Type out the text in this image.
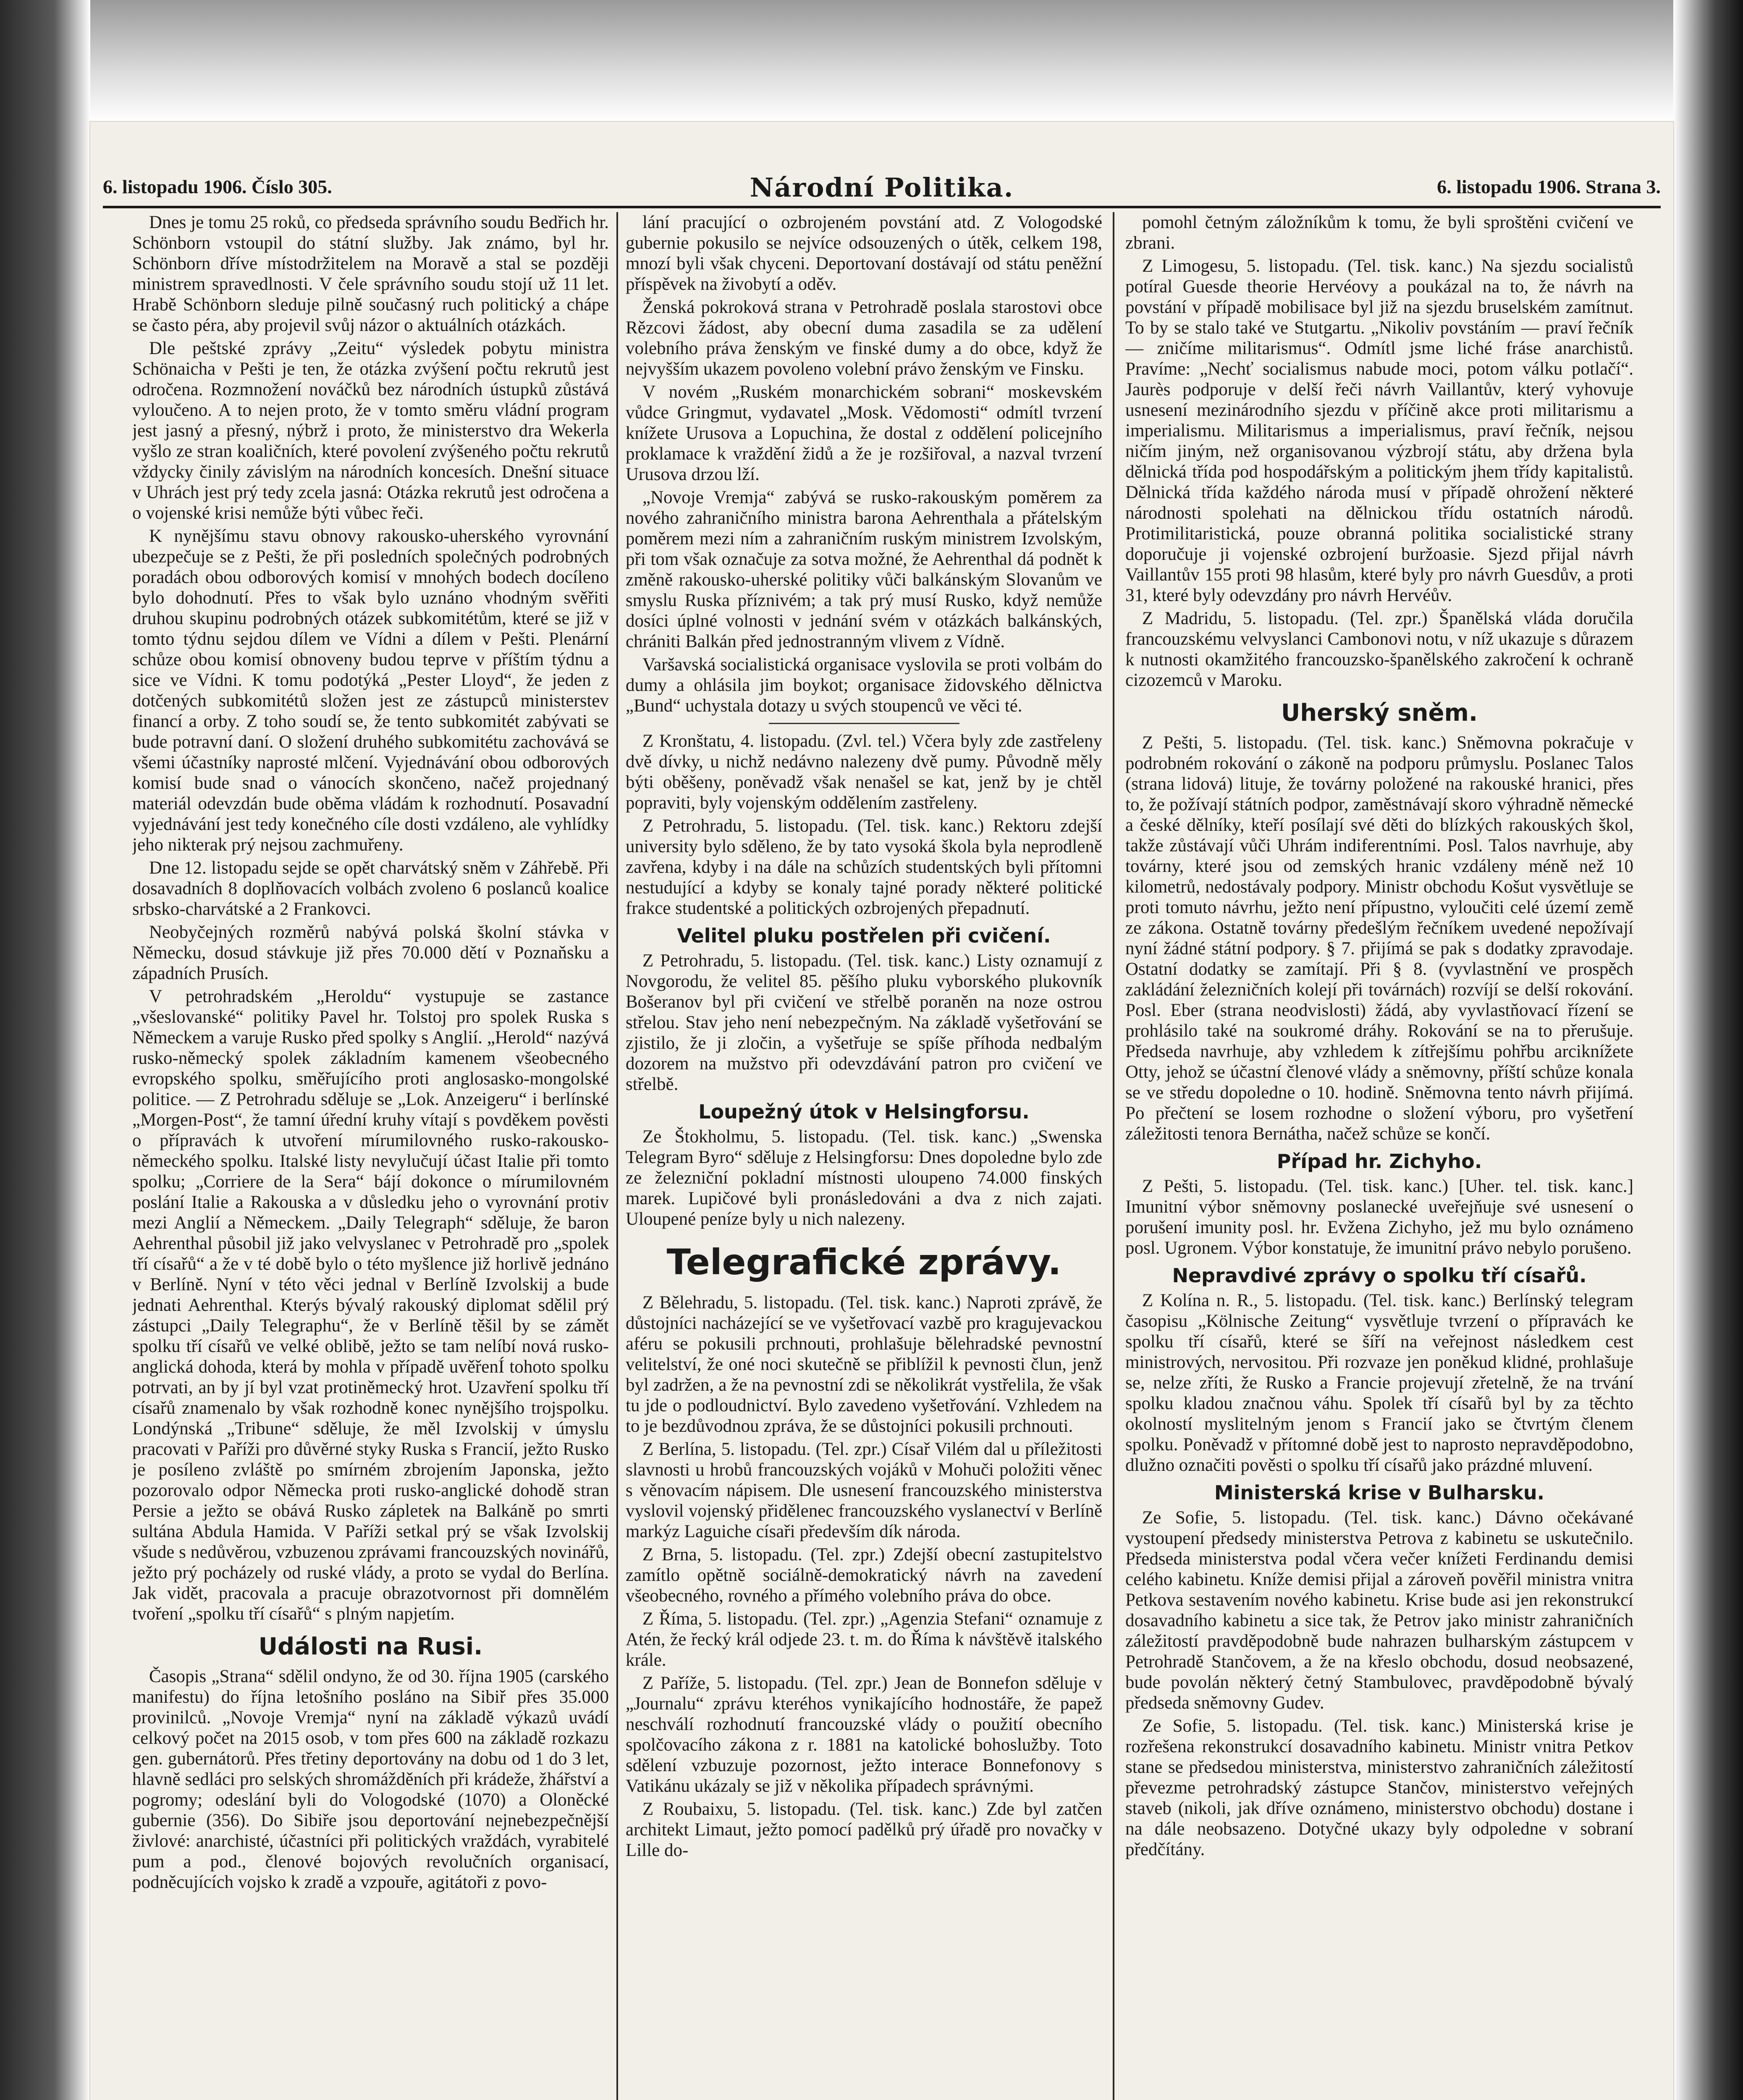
6. listopadu 1906. Číslo 305.	Národní Politika.	6. listopadu 1906. Strana 3.

Dnes je tomu 25 roků, co předseda správního soudu Bedřich hr. Schönborn vstoupil do státní služby. Jak známo, byl hr. Schönborn dříve místodržitelem na Moravě a stal se později ministrem spravedlnosti. V čele správního soudu stojí už 11 let. Hrabě Schönborn sleduje pilně současný ruch politický a chápe se často péra, aby projevil svůj názor o aktuálních otázkách.

Dle peštské zprávy „Zeitu“ výsledek pobytu ministra Schönaicha v Pešti je ten, že otázka zvýšení počtu rekrutů jest odročena. Rozmnožení nováčků bez národních ústupků zůstává vyloučeno. A to nejen proto, že v tomto směru vládní program jest jasný a přesný, nýbrž i proto, že ministerstvo dra Wekerla vyšlo ze stran koaličních, které povolení zvýšeného počtu rekrutů vždycky činily závislým na národních koncesích. Dnešní situace v Uhrách jest prý tedy zcela jasná: Otázka rekrutů jest odročena a o vojenské krisi nemůže býti vůbec řeči.

K nynějšímu stavu obnovy rakousko-uherského vyrovnání ubezpečuje se z Pešti, že při posledních společných podrobných poradách obou odborových komisí v mnohých bodech docíleno bylo dohodnutí. Přes to však bylo uznáno vhodným svěřiti druhou skupinu podrobných otázek subkomitétům, které se již v tomto týdnu sejdou dílem ve Vídni a dílem v Pešti. Plenární schůze obou komisí obnoveny budou teprve v příštím týdnu a sice ve Vídni. K tomu podotýká „Pester Lloyd“, že jeden z dotčených subkomitétů složen jest ze zástupců ministerstev financí a orby. Z toho soudí se, že tento subkomitét zabývati se bude potravní daní. O složení druhého subkomitétu zachovává se všemi účastníky naprosté mlčení. Vyjednávání obou odborových komisí bude snad o vánocích skončeno, načež projednaný materiál odevzdán bude oběma vládám k rozhodnutí. Posavadní vyjednávání jest tedy konečného cíle dosti vzdáleno, ale vyhlídky jeho nikterak prý nejsou zachmuřeny.

Dne 12. listopadu sejde se opět charvátský sněm v Záhřebě. Při dosavadních 8 doplňovacích volbách zvoleno 6 poslanců koalice srbsko-charvátské a 2 Frankovci.

Neobyčejných rozměrů nabývá polská školní stávka v Německu, dosud stávkuje již přes 70.000 dětí v Poznaňsku a západních Prusích.

V petrohradském „Heroldu“ vystupuje se zastance „všeslovanské“ politiky Pavel hr. Tolstoj pro spolek Ruska s Německem a varuje Rusko před spolky s Anglií. „Herold“ nazývá rusko-německý spolek základním kamenem všeobecného evropského spolku, směřujícího proti anglosasko-mongolské politice. — Z Petrohradu sděluje se „Lok. Anzeigeru“ i berlínské „Morgen-Post“, že tamní úřední kruhy vítají s povděkem pověsti o přípravách k utvoření mírumilovného rusko-rakousko-německého spolku. Italské listy nevylučují účast Italie při tomto spolku; „Corriere de la Sera“ bájí dokonce o mírumilovném poslání Italie a Rakouska a v důsledku jeho o vyrovnání protiv mezi Anglií a Německem. „Daily Telegraph“ sděluje, že baron Aehrenthal působil již jako velvyslanec v Petrohradě pro „spolek tří císařů“ a že v té době bylo o této myšlence již horlivě jednáno v Berlíně. Nyní v této věci jednal v Berlíně Izvolskij a bude jednati Aehrenthal. Kterýs bývalý rakouský diplomat sdělil prý zástupci „Daily Telegraphu“, že v Berlíně těšil by se zámět spolku tří císařů ve velké oblibě, ježto se tam nelíbí nová rusko-anglická dohoda, která by mohla v případě uvěřenÍ tohoto spolku potrvati, an by jí byl vzat protiněmecký hrot. Uzavření spolku tří císařů znamenalo by však rozhodně konec nynějšího trojspolku. Londýnská „Tribune“ sděluje, že měl Izvolskij v úmyslu pracovati v Paříži pro důvěrné styky Ruska s Francií, ježto Rusko je posíleno zvláště po smírném zbrojením Japonska, ježto pozorovalo odpor Německa proti rusko-anglické dohodě stran Persie a ježto se obává Rusko zápletek na Balkáně po smrti sultána Abdula Hamida. V Paříži setkal prý se však Izvolskij všude s nedůvěrou, vzbuzenou zprávami francouzských novinářů, ježto prý pocházely od ruské vlády, a proto se vydal do Berlína. Jak vidět, pracovala a pracuje obrazotvornost při domnělém tvoření „spolku tří císařů“ s plným napjetím.

Události na Rusi.

Časopis „Strana“ sdělil ondyno, že od 30. října 1905 (carského manifestu) do října letošního posláno na Sibiř přes 35.000 provinilců. „Novoje Vremja“ nyní na základě výkazů uvádí celkový počet na 2015 osob, v tom přes 600 na základě rozkazu gen. gubernátorů. Přes třetiny deportovány na dobu od 1 do 3 let, hlavně sedláci pro selských shromážděních při krádeže, žhářství a pogromy; odeslání byli do Vologodské (1070) a Oloněcké gubernie (356). Do Sibiře jsou deportování nejnebezpečnější živlové: anarchisté, účastníci při politických vraždách, vyrabitelé pum a pod., členové bojových revolučních organisací, podněcujících vojsko k zradě a vzpouře, agitátoři z povo-

lání pracující o ozbrojeném povstání atd. Z Vologodské gubernie pokusilo se nejvíce odsouzených o útěk, celkem 198, mnozí byli však chyceni. Deportovaní dostávají od státu peněžní příspěvek na živobytí a oděv.

Ženská pokroková strana v Petrohradě poslala starostovi obce Rězcovi žádost, aby obecní duma zasadila se za udělení volebního práva ženským ve finské dumy a do obce, když že nejvyšším ukazem povoleno volební právo ženským ve Finsku.

V novém „Ruském monarchickém sobrani“ moskevském vůdce Gringmut, vydavatel „Mosk. Vědomosti“ odmítl tvrzení knížete Urusova a Lopuchina, že dostal z oddělení policejního proklamace k vraždění židů a že je rozšiřoval, a nazval tvrzení Urusova drzou lží.

„Novoje Vremja“ zabývá se rusko-rakouským poměrem za nového zahraničního ministra barona Aehrenthala a přátelským poměrem mezi ním a zahraničním ruským ministrem Izvolským, při tom však označuje za sotva možné, že Aehrenthal dá podnět k změně rakousko-uherské politiky vůči balkánským Slovanům ve smyslu Ruska příznivém; a tak prý musí Rusko, když nemůže dosíci úplné volnosti v jednání svém v otázkách balkánských, chrániti Balkán před jednostranným vlivem z Vídně.

Varšavská socialistická organisace vyslovila se proti volbám do dumy a ohlásila jim boykot; organisace židovského dělnictva „Bund“ uchystala dotazy u svých stoupenců ve věci té.

Z Kronštatu, 4. listopadu. (Zvl. tel.) Včera byly zde zastřeleny dvě dívky, u nichž nedávno nalezeny dvě pumy. Původně měly býti oběšeny, poněvadž však nenašel se kat, jenž by je chtěl popraviti, byly vojenským oddělením zastřeleny.

Z Petrohradu, 5. listopadu. (Tel. tisk. kanc.) Rektoru zdejší university bylo sděleno, že by tato vysoká škola byla neprodleně zavřena, kdyby i na dále na schůzích studentských byli přítomni nestudující a kdyby se konaly tajné porady některé politické frakce studentské a politických ozbrojených přepadnutí.

Velitel pluku postřelen při cvičení.

Z Petrohradu, 5. listopadu. (Tel. tisk. kanc.) Listy oznamují z Novgorodu, že velitel 85. pěšího pluku vyborského plukovník Bošeranov byl při cvičení ve střelbě poraněn na noze ostrou střelou. Stav jeho není nebezpečným. Na základě vyšetřování se zjistilo, že ji zločin, a vyšetřuje se spíše příhoda nedbalým dozorem na mužstvo při odevzdávání patron pro cvičení ve střelbě.

Loupežný útok v Helsingforsu.

Ze Štokholmu, 5. listopadu. (Tel. tisk. kanc.) „Swenska Telegram Byro“ sděluje z Helsingforsu: Dnes dopoledne bylo zde ze železniční pokladní místnosti uloupeno 74.000 finských marek. Lupičové byli pronásledováni a dva z nich zajati. Uloupené peníze byly u nich nalezeny.

Telegrafické zprávy.

Z Bělehradu, 5. listopadu. (Tel. tisk. kanc.) Naproti zprávě, že důstojníci nacházející se ve vyšetřovací vazbě pro kragujevackou aféru se pokusili prchnouti, prohlašuje bělehradské pevnostní velitelství, že oné noci skutečně se přiblížil k pevnosti člun, jenž byl zadržen, a že na pevnostní zdi se několikrát vystřelila, že však tu jde o podloudnictví. Bylo zavedeno vyšetřování. Vzhledem na to je bezdůvodnou zpráva, že se důstojníci pokusili prchnouti.

Z Berlína, 5. listopadu. (Tel. zpr.) Císař Vilém dal u příležitosti slavnosti u hrobů francouzských vojáků v Mohuči položiti věnec s věnovacím nápisem. Dle usnesení francouzského ministerstva vyslovil vojenský přidělenec francouzského vyslanectví v Berlíně markýz Laguiche císaři především dík národa.

Z Brna, 5. listopadu. (Tel. zpr.) Zdejší obecní zastupitelstvo zamítlo opětně sociálně-demokratický návrh na zavedení všeobecného, rovného a přímého volebního práva do obce.

Z Říma, 5. listopadu. (Tel. zpr.) „Agenzia Stefani“ oznamuje z Atén, že řecký král odjede 23. t. m. do Říma k návštěvě italského krále.

Z Paříže, 5. listopadu. (Tel. zpr.) Jean de Bonnefon sděluje v „Journalu“ zprávu kteréhos vynikajícího hodnostáře, že papež neschválí rozhodnutí francouzské vlády o použití obecního spolčovacího zákona z r. 1881 na katolické bohoslužby. Toto sdělení vzbuzuje pozornost, ježto interace Bonnefonovy s Vatikánu ukázaly se již v několika případech správnými.

Z Roubaixu, 5. listopadu. (Tel. tisk. kanc.) Zde byl zatčen architekt Limaut, ježto pomocí padělků prý úřadě pro novačky v Lille do-

pomohl četným záložníkům k tomu, že byli sproštěni cvičení ve zbrani.

Z Limogesu, 5. listopadu. (Tel. tisk. kanc.) Na sjezdu socialistů potíral Guesde theorie Hervéovy a poukázal na to, že návrh na povstání v případě mobilisace byl již na sjezdu bruselském zamítnut. To by se stalo také ve Stutgartu. „Nikoliv povstáním — praví řečník — zničíme militarismus“. Odmítl jsme liché fráse anarchistů. Pravíme: „Nechť socialismus nabude moci, potom válku potlačí“. Jaurès podporuje v delší řeči návrh Vaillantův, který vyhovuje usnesení mezinárodního sjezdu v příčině akce proti militarismu a imperialismu. Militarismus a imperialismus, praví řečník, nejsou ničím jiným, než organisovanou výzbrojí státu, aby držena byla dělnická třída pod hospodářským a politickým jhem třídy kapitalistů. Dělnická třída každého národa musí v případě ohrožení některé národnosti spolehati na dělnickou třídu ostatních národů. Protimilitaristická, pouze obranná politika socialistické strany doporučuje ji vojenské ozbrojení buržoasie. Sjezd přijal návrh Vaillantův 155 proti 98 hlasům, které byly pro návrh Guesdův, a proti 31, které byly odevzdány pro návrh Hervéův.

Z Madridu, 5. listopadu. (Tel. zpr.) Španělská vláda doručila francouzskému velvyslanci Cambonovi notu, v níž ukazuje s důrazem k nutnosti okamžitého francouzsko-španělského zakročení k ochraně cizozemců v Maroku.

Uherský sněm.

Z Pešti, 5. listopadu. (Tel. tisk. kanc.) Sněmovna pokračuje v podrobném rokování o zákoně na podporu průmyslu. Poslanec Talos (strana lidová) lituje, že továrny položené na rakouské hranici, přes to, že požívají státních podpor, zaměstnávají skoro výhradně německé a české dělníky, kteří posílají své děti do blízkých rakouských škol, takže zůstávají vůči Uhrám indiferentními. Posl. Talos navrhuje, aby továrny, které jsou od zemských hranic vzdáleny méně než 10 kilometrů, nedostávaly podpory. Ministr obchodu Košut vysvětluje se proti tomuto návrhu, ježto není přípustno, vyloučiti celé území země ze zákona. Ostatně továrny předešlým řečníkem uvedené nepožívají nyní žádné státní podpory. § 7. přijímá se pak s dodatky zpravodaje. Ostatní dodatky se zamítají. Při § 8. (vyvlastnění ve prospěch zakládání železničních kolejí při továrnách) rozvíjí se delší rokování. Posl. Eber (strana neodvislosti) žádá, aby vyvlastňovací řízení se prohlásilo také na soukromé dráhy. Rokování se na to přerušuje. Předseda navrhuje, aby vzhledem k zítřejšímu pohřbu arciknížete Otty, jehož se účastní členové vlády a sněmovny, příští schůze konala se ve středu dopoledne o 10. hodině. Sněmovna tento návrh přijímá. Po přečtení se losem rozhodne o složení výboru, pro vyšetření záležitosti tenora Bernátha, načež schůze se končí.

Případ hr. Zichyho.

Z Pešti, 5. listopadu. (Tel. tisk. kanc.) [Uher. tel. tisk. kanc.] Imunitní výbor sněmovny poslanecké uveřejňuje své usnesení o porušení imunity posl. hr. Evžena Zichyho, jež mu bylo oznámeno posl. Ugronem. Výbor konstatuje, že imunitní právo nebylo porušeno.

Nepravdivé zprávy o spolku tří císařů.

Z Kolína n. R., 5. listopadu. (Tel. tisk. kanc.) Berlínský telegram časopisu „Kölnische Zeitung“ vysvětluje tvrzení o přípravách ke spolku tří císařů, které se šíří na veřejnost následkem cest ministrových, nervositou. Při rozvaze jen poněkud klidné, prohlašuje se, nelze zříti, že Rusko a Francie projevují zřetelně, že na trvání spolku kladou značnou váhu. Spolek tří císařů byl by za těchto okolností myslitelným jenom s Francií jako se čtvrtým členem spolku. Poněvadž v přítomné době jest to naprosto nepravděpodobno, dlužno označiti pověsti o spolku tří císařů jako prázdné mluvení.

Ministerská krise v Bulharsku.

Ze Sofie, 5. listopadu. (Tel. tisk. kanc.) Dávno očekávané vystoupení předsedy ministerstva Petrova z kabinetu se uskutečnilo. Předseda ministerstva podal včera večer knížeti Ferdinandu demisi celého kabinetu. Kníže demisi přijal a zároveň pověřil ministra vnitra Petkova sestavením nového kabinetu. Krise bude asi jen rekonstrukcí dosavadního kabinetu a sice tak, že Petrov jako ministr zahraničních záležitostí pravděpodobně bude nahrazen bulharským zástupcem v Petrohradě Stančovem, a že na křeslo obchodu, dosud neobsazené, bude povolán některý četný Stambulovec, pravděpodobně bývalý předseda sněmovny Gudev.

Ze Sofie, 5. listopadu. (Tel. tisk. kanc.) Ministerská krise je rozřešena rekonstrukcí dosavadního kabinetu. Ministr vnitra Petkov stane se předsedou ministerstva, ministerstvo zahraničních záležitostí převezme petrohradský zástupce Stančov, ministerstvo veřejných staveb (nikoli, jak dříve oznámeno, ministerstvo obchodu) dostane i na dále neobsazeno. Dotyčné ukazy byly odpoledne v sobraní předčítány.
